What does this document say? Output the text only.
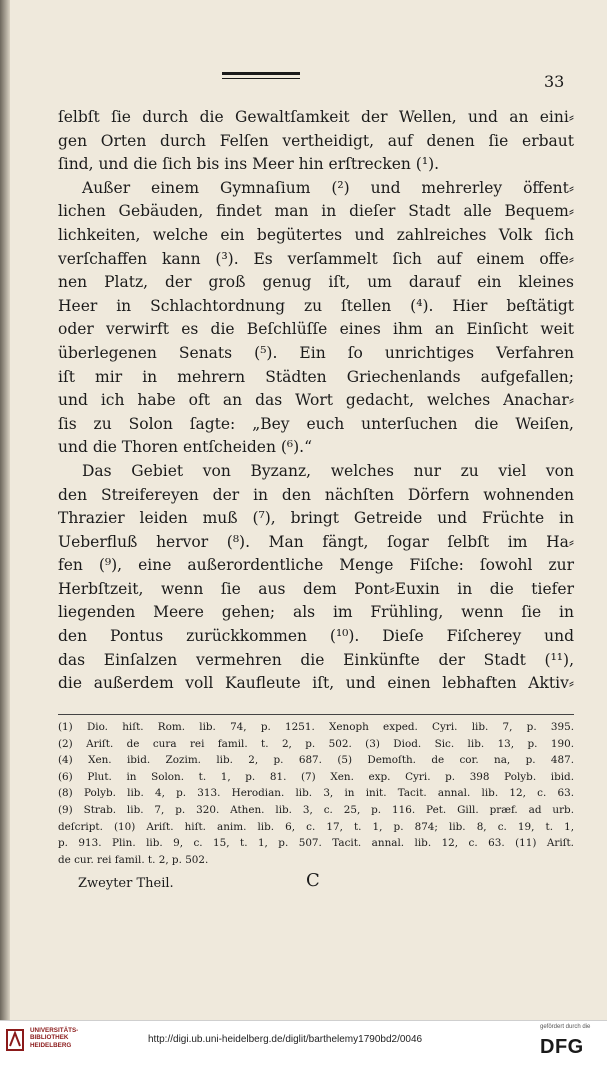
33
ſelbſt ſie durch die Gewaltſamkeit der Wellen, und an eini⸗
gen Orten durch Felſen vertheidigt, auf denen ſie erbaut
ſind, und die ſich bis ins Meer hin erſtrecken (¹).
Außer einem Gymnaſium (²) und mehrerley öffent⸗
lichen Gebäuden, findet man in dieſer Stadt alle Bequem⸗
lichkeiten, welche ein begütertes und zahlreiches Volk ſich
verſchaffen kann (³). Es verſammelt ſich auf einem offe⸗
nen Platz, der groß genug iſt, um darauf ein kleines
Heer in Schlachtordnung zu ſtellen (⁴). Hier beſtätigt
oder verwirft es die Beſchlüſſe eines ihm an Einſicht weit
überlegenen Senats (⁵). Ein ſo unrichtiges Verfahren
iſt mir in mehrern Städten Griechenlands aufgefallen;
und ich habe oft an das Wort gedacht, welches Anachar⸗
ſis zu Solon ſagte: „Bey euch unterſuchen die Weiſen,
und die Thoren entſcheiden (⁶).“
Das Gebiet von Byzanz, welches nur zu viel von
den Streifereyen der in den nächſten Dörfern wohnenden
Thrazier leiden muß (⁷), bringt Getreide und Früchte in
Ueberfluß hervor (⁸). Man fängt, ſogar ſelbſt im Ha⸗
fen (⁹), eine außerordentliche Menge Fiſche: ſowohl zur
Herbſtzeit, wenn ſie aus dem Pont⸗Euxin in die tiefer
liegenden Meere gehen; als im Frühling, wenn ſie in
den Pontus zurückkommen (¹⁰). Dieſe Fiſcherey und
das Einſalzen vermehren die Einkünfte der Stadt (¹¹),
die außerdem voll Kaufleute iſt, und einen lebhaften Aktiv⸗
(1) Dio. hiſt. Rom. lib. 74, p. 1251. Xenoph exped. Cyri. lib. 7, p. 395.
(2) Ariſt. de cura rei famil. t. 2, p. 502. (3) Diod. Sic. lib. 13, p. 190.
(4) Xen. ibid. Zozim. lib. 2, p. 687. (5) Demoſth. de cor. na, p. 487.
(6) Plut. in Solon. t. 1, p. 81. (7) Xen. exp. Cyri. p. 398 Polyb. ibid.
(8) Polyb. lib. 4, p. 313. Herodian. lib. 3, in init. Tacit. annal. lib. 12, c. 63.
(9) Strab. lib. 7, p. 320. Athen. lib. 3, c. 25, p. 116. Pet. Gill. præf. ad urb.
deſcript. (10) Ariſt. hiſt. anim. lib. 6, c. 17, t. 1, p. 874; lib. 8, c. 19, t. 1,
p. 913. Plin. lib. 9, c. 15, t. 1, p. 507. Tacit. annal. lib. 12, c. 63. (11) Ariſt.
de cur. rei famil. t. 2, p. 502.
Zweyter Theil.	C
UNIVERSITÄTS-
BIBLIOTHEK
HEIDELBERG
http://digi.ub.uni-heidelberg.de/diglit/barthelemy1790bd2/0046
gefördert durch die
DFG
